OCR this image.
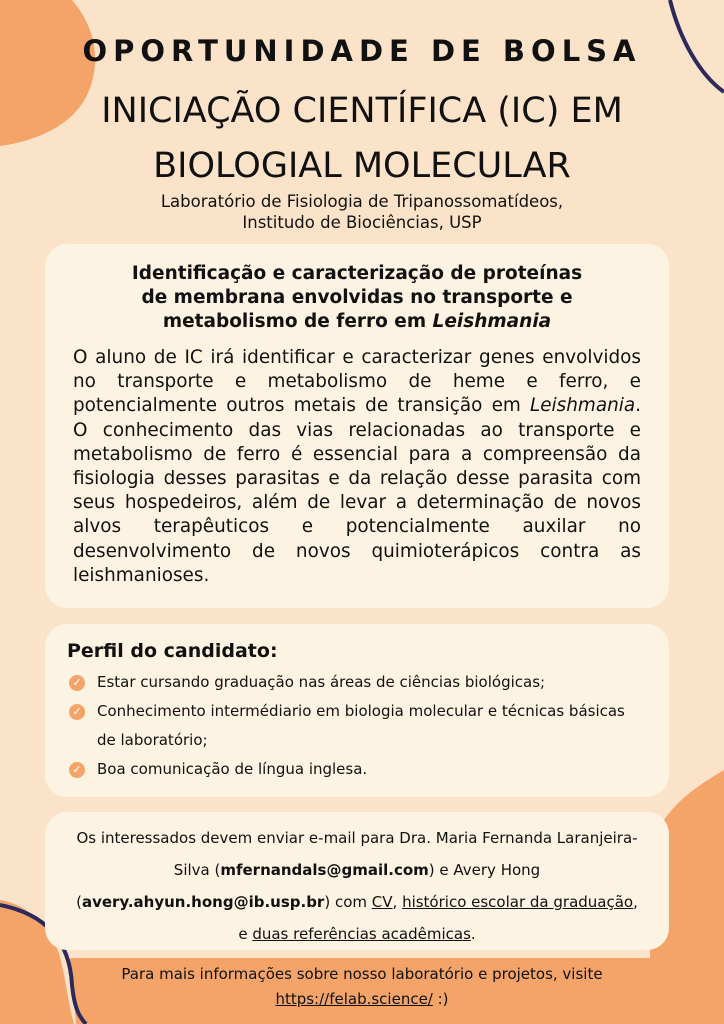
OPORTUNIDADE DE BOLSA
INICIAÇÃO CIENTÍFICA (IC) EM
BIOLOGIAL MOLECULAR
Laboratório de Fisiologia de Tripanossomatídeos,
Institudo de Biociências, USP
Identificação e caracterização de proteínas
de membrana envolvidas no transporte e
metabolismo de ferro em Leishmania

O aluno de IC irá identificar e caracterizar genes envolvidos no transporte e metabolismo de heme e ferro, e potencialmente outros metais de transição em Leishmania. O conhecimento das vias relacionadas ao transporte e metabolismo de ferro é essencial para a compreensão da fisiologia desses parasitas e da relação desse parasita com seus hospedeiros, além de levar a determinação de novos alvos terapêuticos e potencialmente auxilar no desenvolvimento de novos quimioterápicos contra as leishmanioses.

Perfil do candidato:
✓ Estar cursando graduação nas áreas de ciências biológicas;
✓ Conhecimento intermédiario em biologia molecular e técnicas básicas de laboratório;
✓ Boa comunicação de língua inglesa.

Os interessados devem enviar e-mail para Dra. Maria Fernanda Laranjeira-Silva (mfernandals@gmail.com) e Avery Hong (avery.ahyun.hong@ib.usp.br) com CV, histórico escolar da graduação, e duas referências acadêmicas.

Para mais informações sobre nosso laboratório e projetos, visite
https://felab.science/ :)
